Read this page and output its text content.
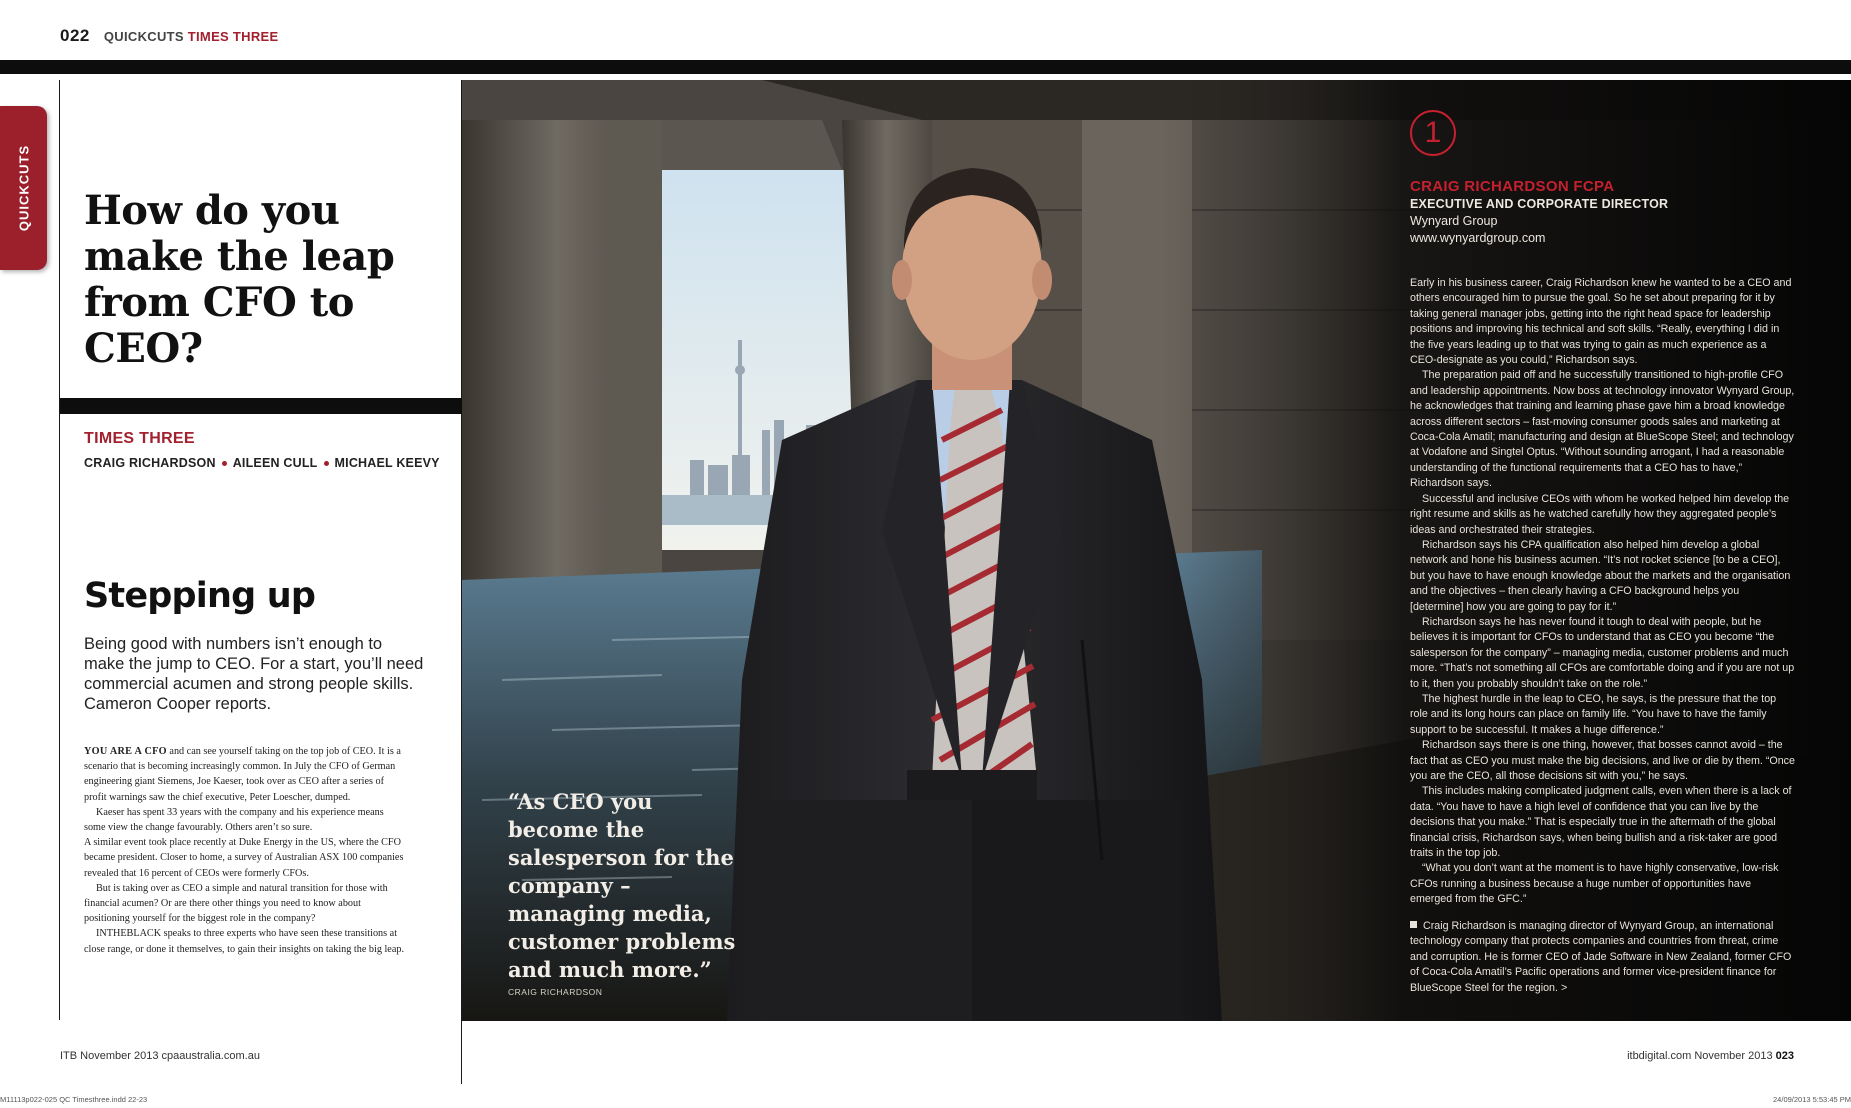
022 QUICKCUTS TIMES THREE
QUICKCUTS How do you make the leap from CFO to CEO?
TIMES THREE
CRAIG RICHARDSON AILEEN CULL MICHAEL KEEVY
Stepping up

Being good with numbers isn’t enough to make the jump to CEO. For a start, you’ll need commercial acumen and strong people skills. Cameron Cooper reports.

YOU ARE A CFO and can see yourself taking on the top job of CEO. It is a scenario that is becoming increasingly common. In July the CFO of German engineering giant Siemens, Joe Kaeser, took over as CEO after a series of profit warnings saw the chief executive, Peter Loescher, dumped.

Kaeser has spent 33 years with the company and his experience means some view the change favourably. Others aren’t so sure.

A similar event took place recently at Duke Energy in the US, where the CFO became president. Closer to home, a survey of Australian ASX 100 companies revealed that 16 percent of CEOs were formerly CFOs.

But is taking over as CEO a simple and natural transition for those with financial acumen? Or are there other things you need to know about positioning yourself for the biggest role in the company?

INTHEBLACK speaks to three experts who have seen these transitions at close range, or done it themselves, to gain their insights on taking the big leap.

“As CEO you become the salesperson for the company – managing media, customer problems and much more.”
CRAIG RICHARDSON
1
CRAIG RICHARDSON FCPA
EXECUTIVE AND CORPORATE DIRECTOR
Wynyard Group
www.wynyardgroup.com

Early in his business career, Craig Richardson knew he wanted to be a CEO and others encouraged him to pursue the goal. So he set about preparing for it by taking general manager jobs, getting into the right head space for leadership positions and improving his technical and soft skills. “Really, everything I did in the five years leading up to that was trying to gain as much experience as a CEO-designate as you could,” Richardson says.

The preparation paid off and he successfully transitioned to high-profile CFO and leadership appointments. Now boss at technology innovator Wynyard Group, he acknowledges that training and learning phase gave him a broad knowledge across different sectors – fast-moving consumer goods sales and marketing at Coca-Cola Amatil; manufacturing and design at BlueScope Steel; and technology at Vodafone and Singtel Optus. “Without sounding arrogant, I had a reasonable understanding of the functional requirements that a CEO has to have,” Richardson says.

Successful and inclusive CEOs with whom he worked helped him develop the right resume and skills as he watched carefully how they aggregated people’s ideas and orchestrated their strategies.

Richardson says his CPA qualification also helped him develop a global network and hone his business acumen. “It’s not rocket science [to be a CEO], but you have to have enough knowledge about the markets and the organisation and the objectives – then clearly having a CFO background helps you [determine] how you are going to pay for it.”

Richardson says he has never found it tough to deal with people, but he believes it is important for CFOs to understand that as CEO you become “the salesperson for the company” – managing media, customer problems and much more. “That’s not something all CFOs are comfortable doing and if you are not up to it, then you probably shouldn’t take on the role.”

The highest hurdle in the leap to CEO, he says, is the pressure that the top role and its long hours can place on family life. “You have to have the family support to be successful. It makes a huge difference.”

Richardson says there is one thing, however, that bosses cannot avoid – the fact that as CEO you must make the big decisions, and live or die by them. “Once you are the CEO, all those decisions sit with you,” he says.

This includes making complicated judgment calls, even when there is a lack of data. “You have to have a high level of confidence that you can live by the decisions that you make.” That is especially true in the aftermath of the global financial crisis, Richardson says, when being bullish and a risk-taker are good traits in the top job.

“What you don’t want at the moment is to have highly conservative, low-risk CFOs running a business because a huge number of opportunities have emerged from the GFC.”

Craig Richardson is managing director of Wynyard Group, an international technology company that protects companies and countries from threat, crime and corruption. He is former CEO of Jade Software in New Zealand, former CFO of Coca-Cola Amatil’s Pacific operations and former vice-president finance for BlueScope Steel for the region. >
ITB November 2013 cpaaustralia.com.au	itbdigital.com November 2013 023
M11113p022-025 QC Timesthree.indd 22-23	24/09/2013 5:53:45 PM
